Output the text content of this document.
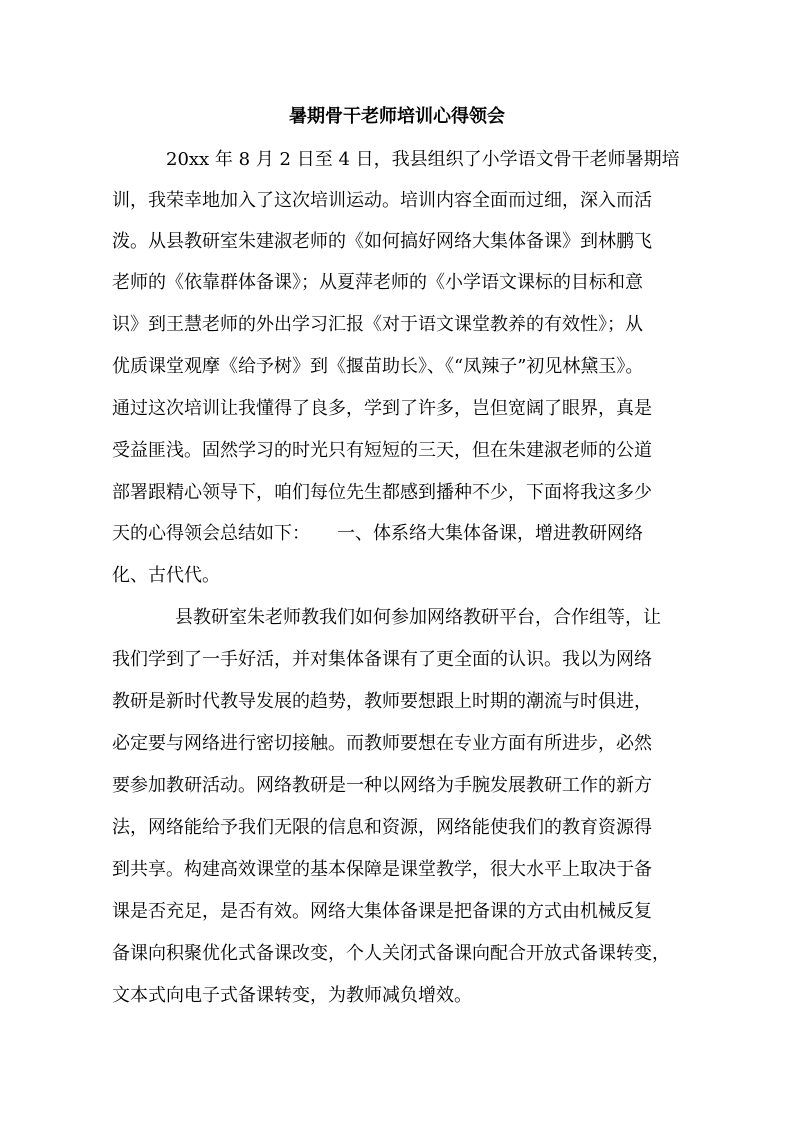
暑期骨干老师培训心得领会

20xx 年 8 月 2 日至 4 日，我县组织了小学语文骨干老师暑期培

训，我荣幸地加入了这次培训运动。培训内容全面而过细，深入而活

泼。从县教研室朱建淑老师的《如何搞好网络大集体备课》到林鹏飞

老师的《依靠群体备课》；从夏萍老师的《小学语文课标的目标和意

识》到王慧老师的外出学习汇报《对于语文课堂教养的有效性》；从

优质课堂观摩《给予树》到《揠苗助长》、《“凤辣子”初见林黛玉》。

通过这次培训让我懂得了良多，学到了许多，岂但宽阔了眼界，真是

受益匪浅。固然学习的时光只有短短的三天，但在朱建淑老师的公道

部署跟精心领导下，咱们每位先生都感到播种不少，下面将我这多少

天的心得领会总结如下：　　一、体系络大集体备课，增进教研网络

化、古代代。

县教研室朱老师教我们如何参加网络教研平台，合作组等，让

我们学到了一手好活，并对集体备课有了更全面的认识。我以为网络

教研是新时代教导发展的趋势，教师要想跟上时期的潮流与时俱进，

必定要与网络进行密切接触。而教师要想在专业方面有所进步，必然

要参加教研活动。网络教研是一种以网络为手腕发展教研工作的新方

法，网络能给予我们无限的信息和资源，网络能使我们的教育资源得

到共享。构建高效课堂的基本保障是课堂教学，很大水平上取决于备

课是否充足，是否有效。网络大集体备课是把备课的方式由机械反复

备课向积聚优化式备课改变，个人关闭式备课向配合开放式备课转变，

文本式向电子式备课转变，为教师减负增效。
